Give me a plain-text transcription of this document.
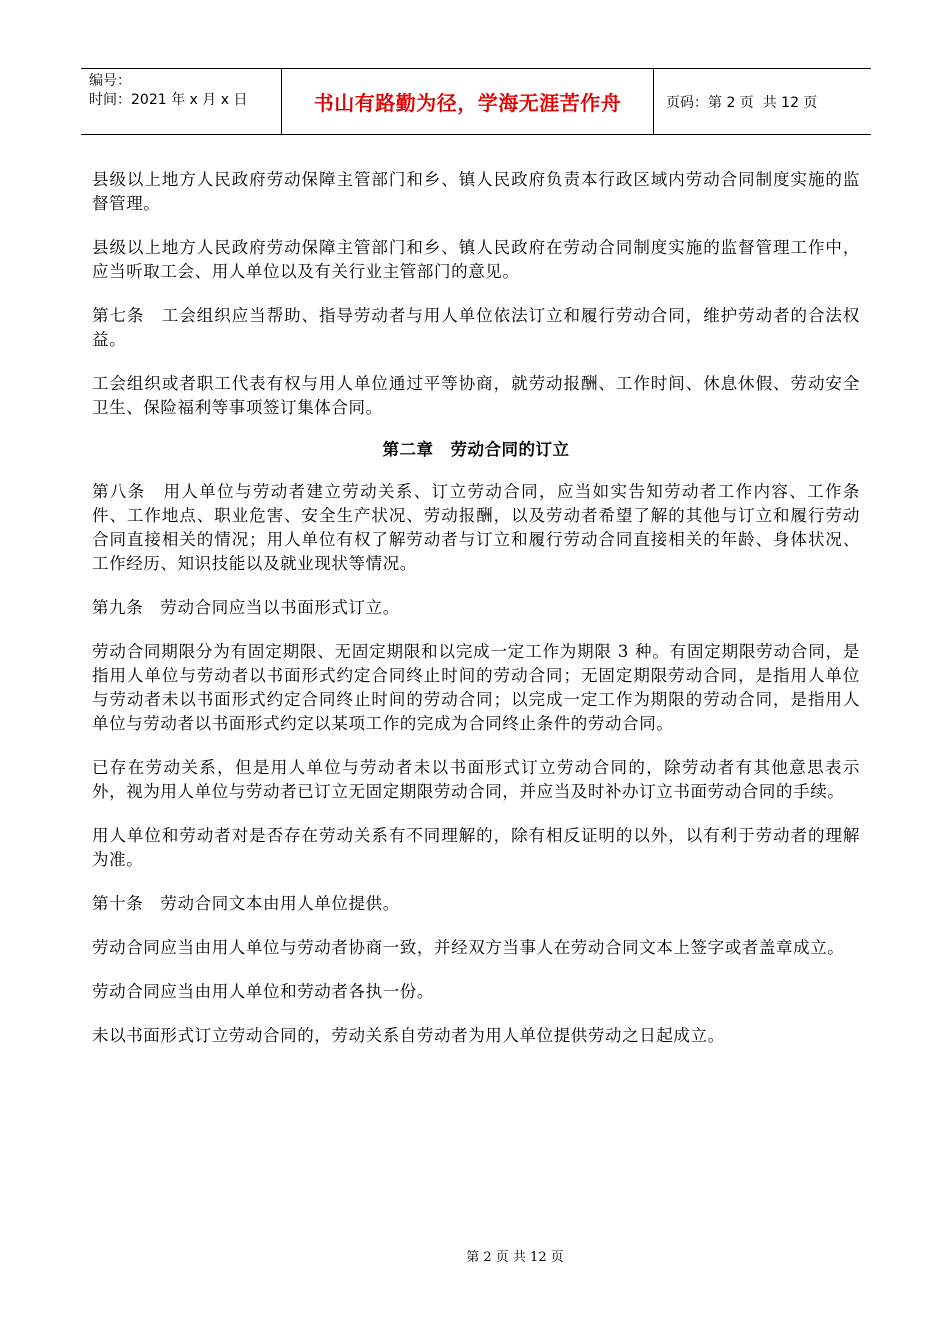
编号：
时间：2021 年 x 月 x 日	书山有路勤为径，学海无涯苦作舟	页码：第 2 页  共 12 页

县级以上地方人民政府劳动保障主管部门和乡、镇人民政府负责本行政区域内劳动合同制度实施的监督管理。

县级以上地方人民政府劳动保障主管部门和乡、镇人民政府在劳动合同制度实施的监督管理工作中，应当听取工会、用人单位以及有关行业主管部门的意见。

第七条　工会组织应当帮助、指导劳动者与用人单位依法订立和履行劳动合同，维护劳动者的合法权益。

工会组织或者职工代表有权与用人单位通过平等协商，就劳动报酬、工作时间、休息休假、劳动安全卫生、保险福利等事项签订集体合同。

第二章　劳动合同的订立

第八条　用人单位与劳动者建立劳动关系、订立劳动合同，应当如实告知劳动者工作内容、工作条件、工作地点、职业危害、安全生产状况、劳动报酬，以及劳动者希望了解的其他与订立和履行劳动合同直接相关的情况；用人单位有权了解劳动者与订立和履行劳动合同直接相关的年龄、身体状况、工作经历、知识技能以及就业现状等情况。

第九条　劳动合同应当以书面形式订立。

劳动合同期限分为有固定期限、无固定期限和以完成一定工作为期限 3 种。有固定期限劳动合同，是指用人单位与劳动者以书面形式约定合同终止时间的劳动合同；无固定期限劳动合同，是指用人单位与劳动者未以书面形式约定合同终止时间的劳动合同；以完成一定工作为期限的劳动合同，是指用人单位与劳动者以书面形式约定以某项工作的完成为合同终止条件的劳动合同。

已存在劳动关系，但是用人单位与劳动者未以书面形式订立劳动合同的，除劳动者有其他意思表示外，视为用人单位与劳动者已订立无固定期限劳动合同，并应当及时补办订立书面劳动合同的手续。

用人单位和劳动者对是否存在劳动关系有不同理解的，除有相反证明的以外，以有利于劳动者的理解为准。

第十条　劳动合同文本由用人单位提供。

劳动合同应当由用人单位与劳动者协商一致，并经双方当事人在劳动合同文本上签字或者盖章成立。

劳动合同应当由用人单位和劳动者各执一份。

未以书面形式订立劳动合同的，劳动关系自劳动者为用人单位提供劳动之日起成立。

第 2 页 共 12 页
